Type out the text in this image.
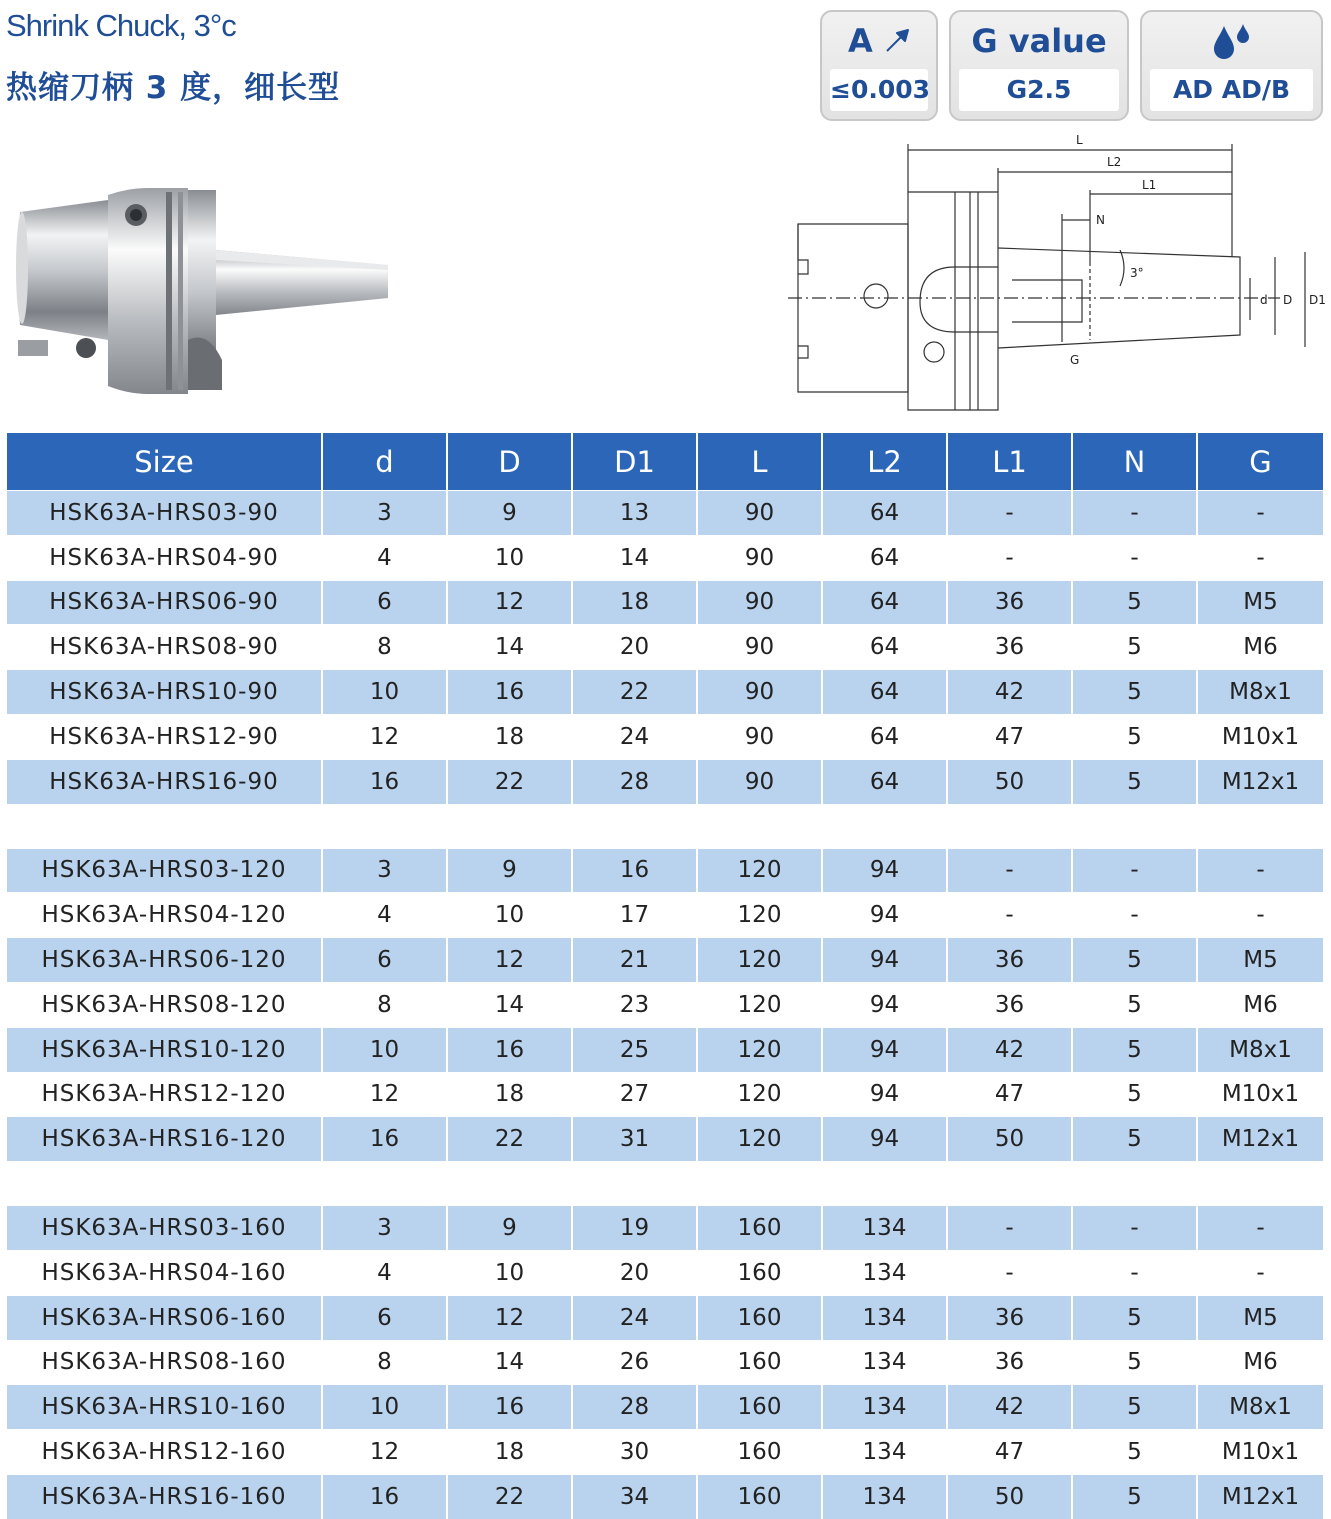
Shrink Chuck, 3°c
热缩刀柄 3 度，细长型
A
≤0.003
G value
G2.5	AD AD/B
L
L2
L1
N
3°
d D D1
G
Size	d	D	D1	L	L2	L1	N	G
HSK63A-HRS03-90	3	9	13	90	64	-	-	-
HSK63A-HRS04-90	4	10	14	90	64	-	-	-
HSK63A-HRS06-90	6	12	18	90	64	36	5	M5
HSK63A-HRS08-90	8	14	20	90	64	36	5	M6
HSK63A-HRS10-90	10	16	22	90	64	42	5	M8x1
HSK63A-HRS12-90	12	18	24	90	64	47	5	M10x1
HSK63A-HRS16-90	16	22	28	90	64	50	5	M12x1

HSK63A-HRS03-120	3	9	16	120	94	-	-	-
HSK63A-HRS04-120	4	10	17	120	94	-	-	-
HSK63A-HRS06-120	6	12	21	120	94	36	5	M5
HSK63A-HRS08-120	8	14	23	120	94	36	5	M6
HSK63A-HRS10-120	10	16	25	120	94	42	5	M8x1
HSK63A-HRS12-120	12	18	27	120	94	47	5	M10x1
HSK63A-HRS16-120	16	22	31	120	94	50	5	M12x1

HSK63A-HRS03-160	3	9	19	160	134	-	-	-
HSK63A-HRS04-160	4	10	20	160	134	-	-	-
HSK63A-HRS06-160	6	12	24	160	134	36	5	M5
HSK63A-HRS08-160	8	14	26	160	134	36	5	M6
HSK63A-HRS10-160	10	16	28	160	134	42	5	M8x1
HSK63A-HRS12-160	12	18	30	160	134	47	5	M10x1
HSK63A-HRS16-160	16	22	34	160	134	50	5	M12x1
